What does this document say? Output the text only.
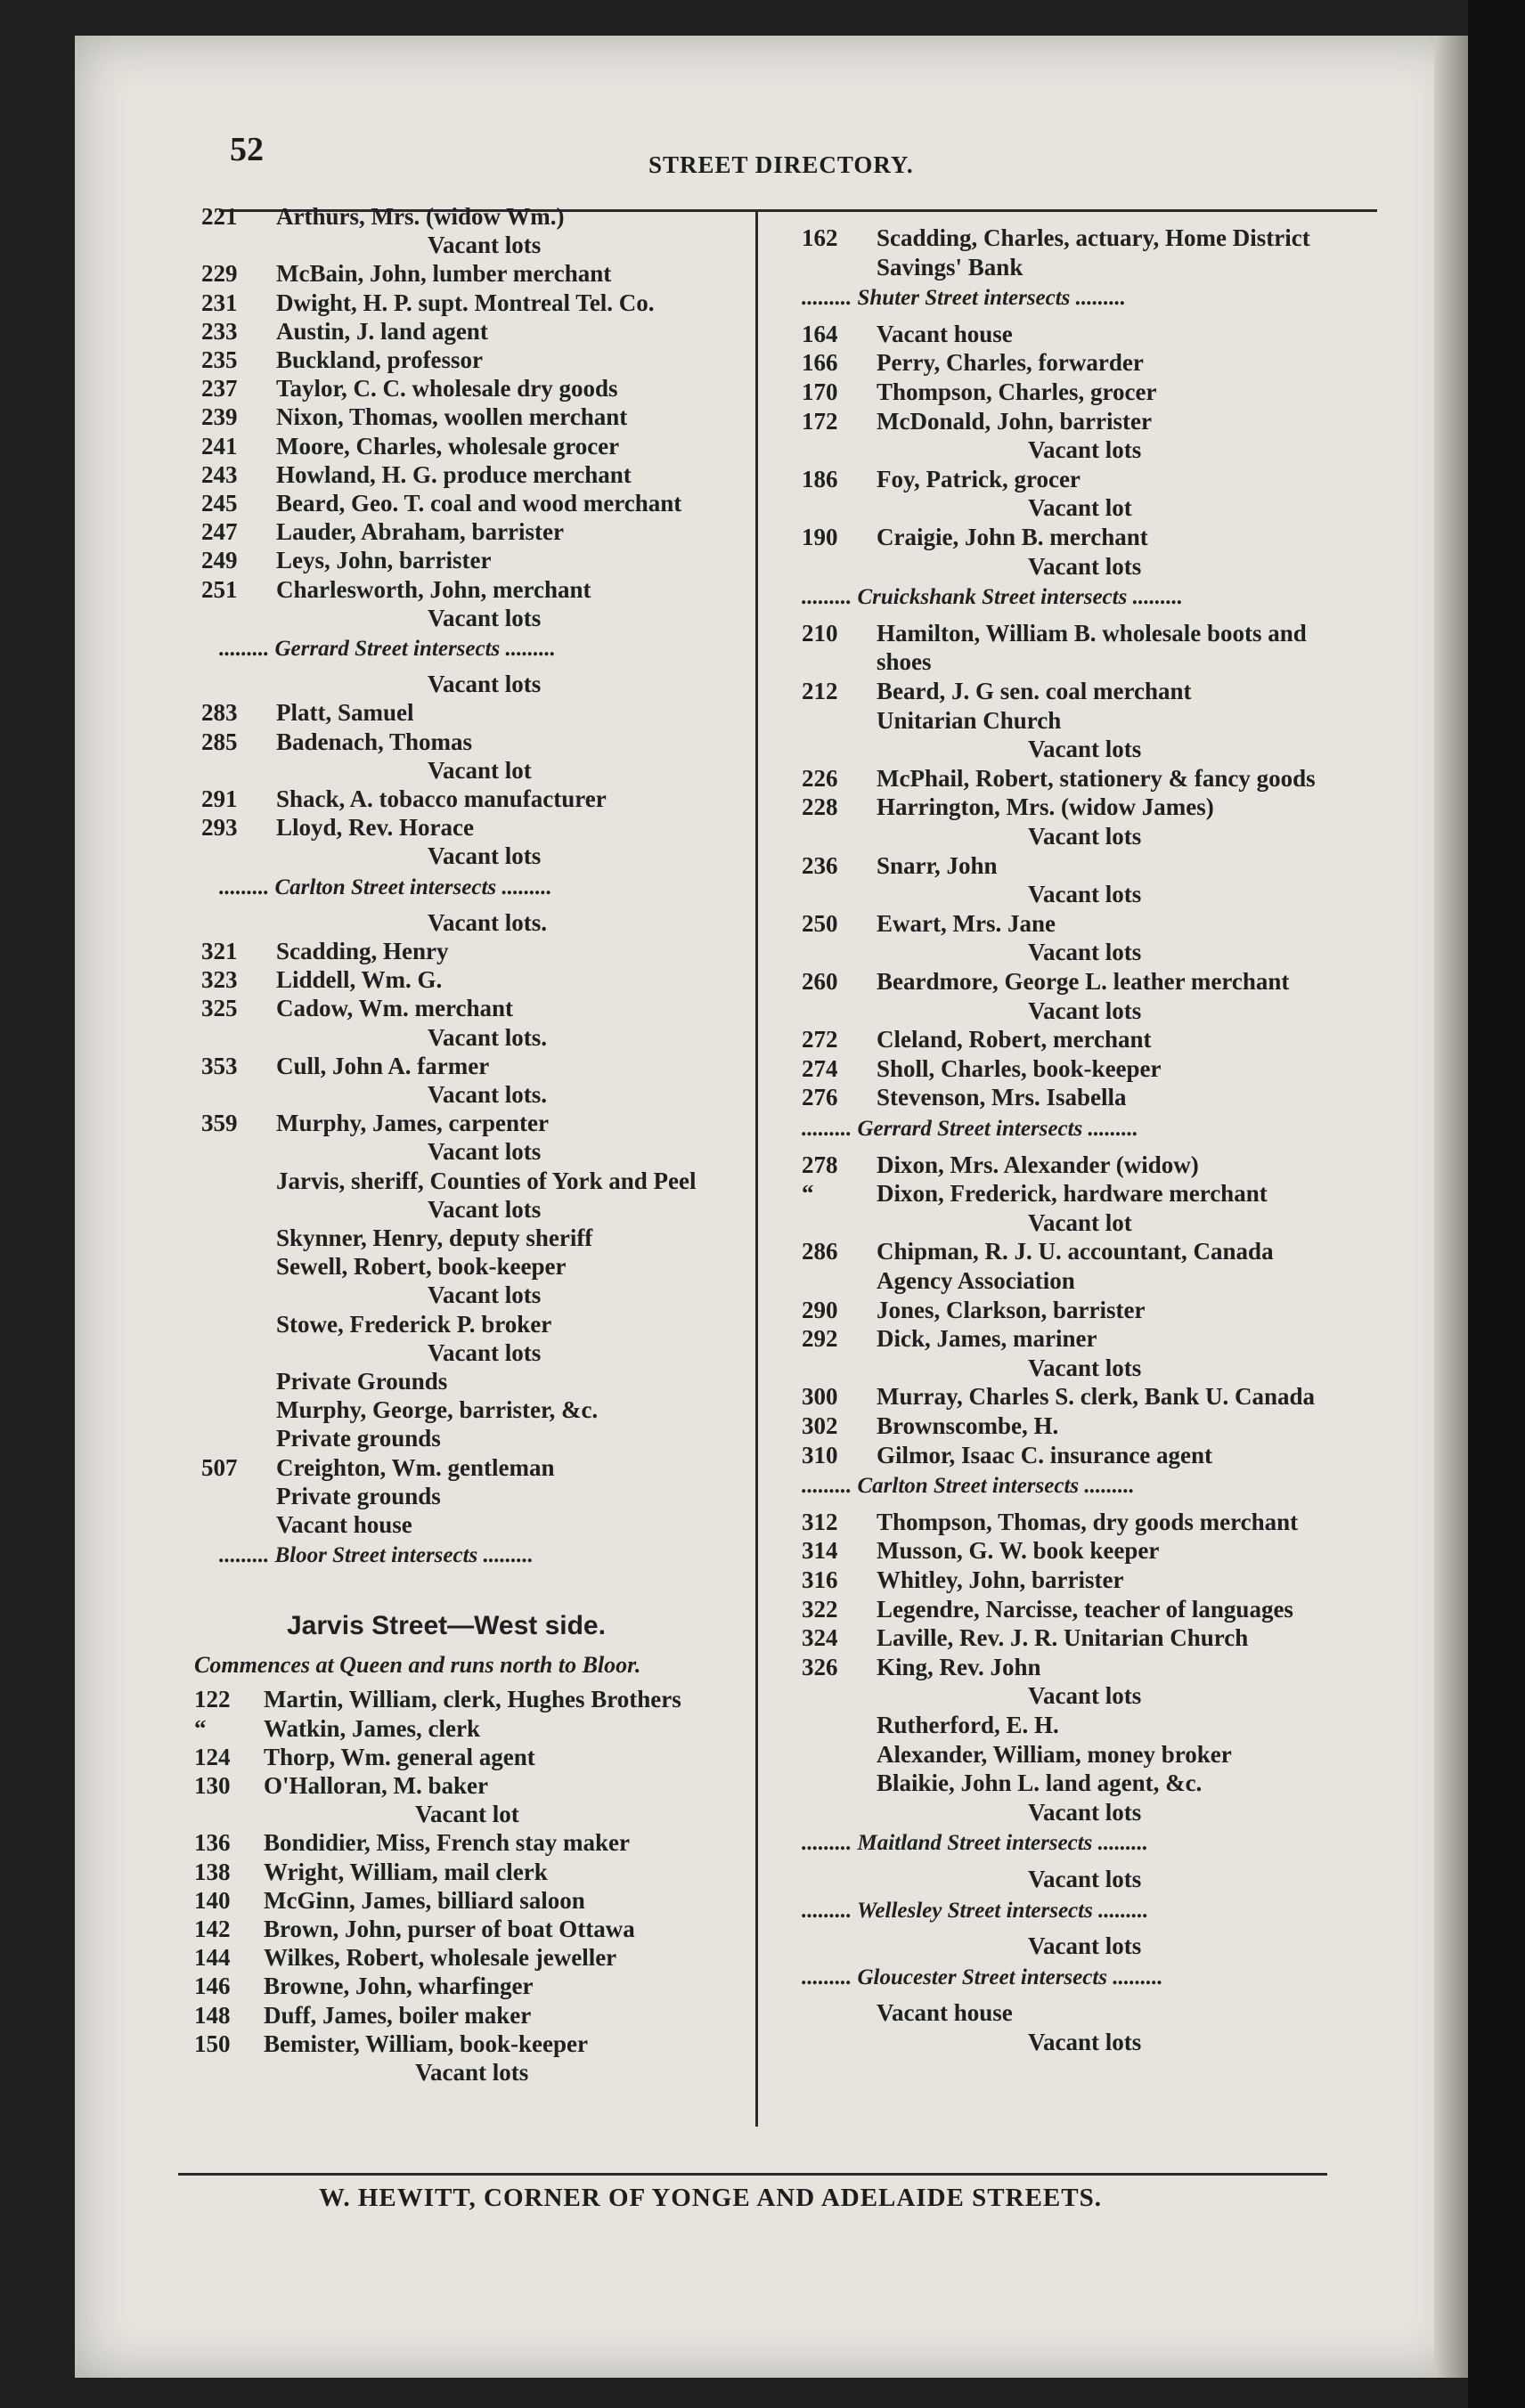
52	STREET DIRECTORY.
221	Arthurs, Mrs. (widow Wm.)
Vacant lots
229	McBain, John, lumber merchant
231	Dwight, H. P. supt. Montreal Tel. Co.
233	Austin, J. land agent
235	Buckland, professor
237	Taylor, C. C. wholesale dry goods
239	Nixon, Thomas, woollen merchant
241	Moore, Charles, wholesale grocer
243	Howland, H. G. produce merchant
245	Beard, Geo. T. coal and wood merchant
247	Lauder, Abraham, barrister
249	Leys, John, barrister
251	Charlesworth, John, merchant
Vacant lots
......... Gerrard Street intersects .........
Vacant lots
283	Platt, Samuel
285	Badenach, Thomas
Vacant lot
291	Shack, A. tobacco manufacturer
293	Lloyd, Rev. Horace
Vacant lots
......... Carlton Street intersects .........
Vacant lots.
321	Scadding, Henry
323	Liddell, Wm. G.
325	Cadow, Wm. merchant
Vacant lots.
353	Cull, John A. farmer
Vacant lots.
359	Murphy, James, carpenter
Vacant lots
Jarvis, sheriff, Counties of York and Peel
Vacant lots
Skynner, Henry, deputy sheriff
Sewell, Robert, book-keeper
Vacant lots
Stowe, Frederick P. broker
Vacant lots
Private Grounds
Murphy, George, barrister, &c.
Private grounds
507	Creighton, Wm. gentleman
Private grounds
Vacant house
......... Bloor Street intersects .........
Jarvis Street—West side.
Commences at Queen and runs north to Bloor.
122	Martin, William, clerk, Hughes Brothers
“	Watkin, James, clerk
124	Thorp, Wm. general agent
130	O'Halloran, M. baker
Vacant lot
136	Bondidier, Miss, French stay maker
138	Wright, William, mail clerk
140	McGinn, James, billiard saloon
142	Brown, John, purser of boat Ottawa
144	Wilkes, Robert, wholesale jeweller
146	Browne, John, wharfinger
148	Duff, James, boiler maker
150	Bemister, William, book-keeper
Vacant lots
162	Scadding, Charles, actuary, Home District
Savings' Bank
......... Shuter Street intersects .........
164	Vacant house
166	Perry, Charles, forwarder
170	Thompson, Charles, grocer
172	McDonald, John, barrister
Vacant lots
186	Foy, Patrick, grocer
Vacant lot
190	Craigie, John B. merchant
Vacant lots
......... Cruickshank Street intersects .........
210	Hamilton, William B. wholesale boots and
shoes
212	Beard, J. G sen. coal merchant
Unitarian Church
Vacant lots
226	McPhail, Robert, stationery & fancy goods
228	Harrington, Mrs. (widow James)
Vacant lots
236	Snarr, John
Vacant lots
250	Ewart, Mrs. Jane
Vacant lots
260	Beardmore, George L. leather merchant
Vacant lots
272	Cleland, Robert, merchant
274	Sholl, Charles, book-keeper
276	Stevenson, Mrs. Isabella
......... Gerrard Street intersects .........
278	Dixon, Mrs. Alexander (widow)
“	Dixon, Frederick, hardware merchant
Vacant lot
286	Chipman, R. J. U. accountant, Canada
Agency Association
290	Jones, Clarkson, barrister
292	Dick, James, mariner
Vacant lots
300	Murray, Charles S. clerk, Bank U. Canada
302	Brownscombe, H.
310	Gilmor, Isaac C. insurance agent
......... Carlton Street intersects .........
312	Thompson, Thomas, dry goods merchant
314	Musson, G. W. book keeper
316	Whitley, John, barrister
322	Legendre, Narcisse, teacher of languages
324	Laville, Rev. J. R. Unitarian Church
326	King, Rev. John
Vacant lots
Rutherford, E. H.
Alexander, William, money broker
Blaikie, John L. land agent, &c.
Vacant lots
......... Maitland Street intersects .........
Vacant lots
......... Wellesley Street intersects .........
Vacant lots
......... Gloucester Street intersects .........
Vacant house
Vacant lots
W. HEWITT, CORNER OF YONGE AND ADELAIDE STREETS.
